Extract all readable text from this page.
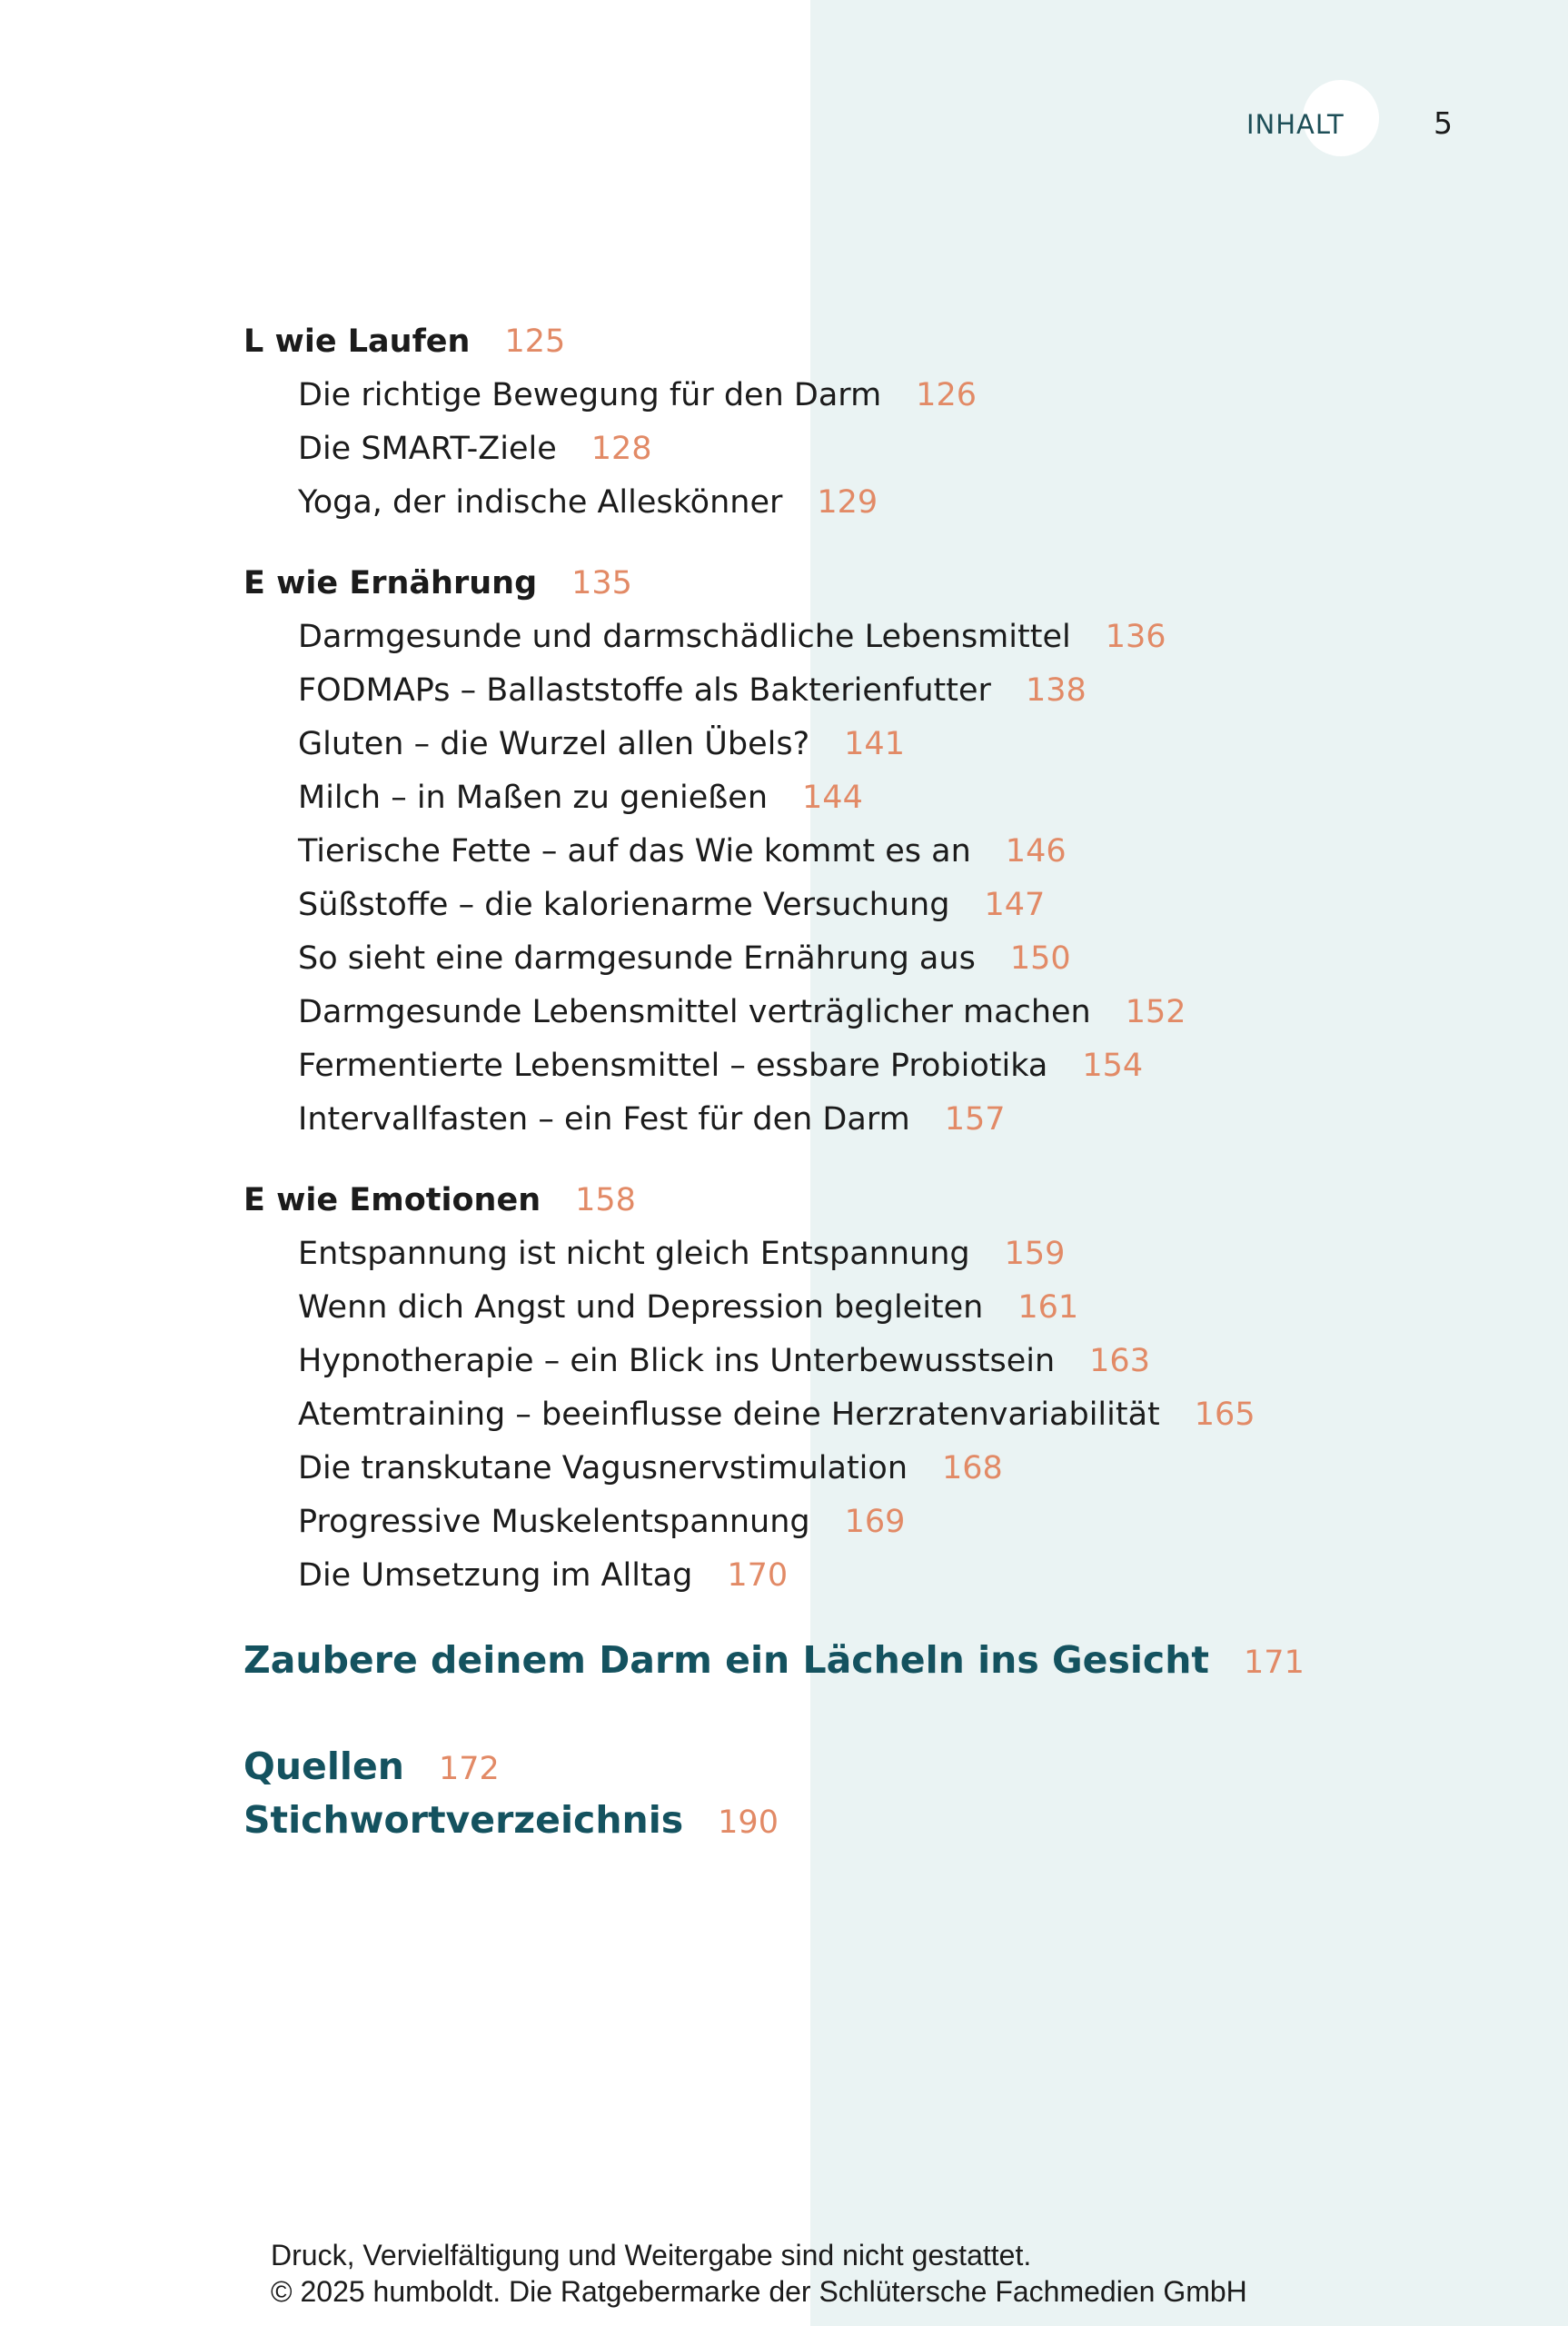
INHALT	5
L wie Laufen 125
Die richtige Bewegung für den Darm 126
Die SMART-Ziele 128
Yoga, der indische Alleskönner 129
E wie Ernährung 135
Darmgesunde und darmschädliche Lebensmittel 136
FODMAPs – Ballaststoffe als Bakterienfutter 138
Gluten – die Wurzel allen Übels? 141
Milch – in Maßen zu genießen 144
Tierische Fette – auf das Wie kommt es an 146
Süßstoffe – die kalorienarme Versuchung 147
So sieht eine darmgesunde Ernährung aus 150
Darmgesunde Lebensmittel verträglicher machen 152
Fermentierte Lebensmittel – essbare Probiotika 154
Intervallfasten – ein Fest für den Darm 157
E wie Emotionen 158
Entspannung ist nicht gleich Entspannung 159
Wenn dich Angst und Depression begleiten 161
Hypnotherapie – ein Blick ins Unterbewusstsein 163
Atemtraining – beeinflusse deine Herzratenvariabilität 165
Die transkutane Vagusnervstimulation 168
Progressive Muskelentspannung 169
Die Umsetzung im Alltag 170
Zaubere deinem Darm ein Lächeln ins Gesicht 171
Quellen 172
Stichwortverzeichnis 190
Druck, Vervielfältigung und Weitergabe sind nicht gestattet.
© 2025 humboldt. Die Ratgebermarke der Schlütersche Fachmedien GmbH
